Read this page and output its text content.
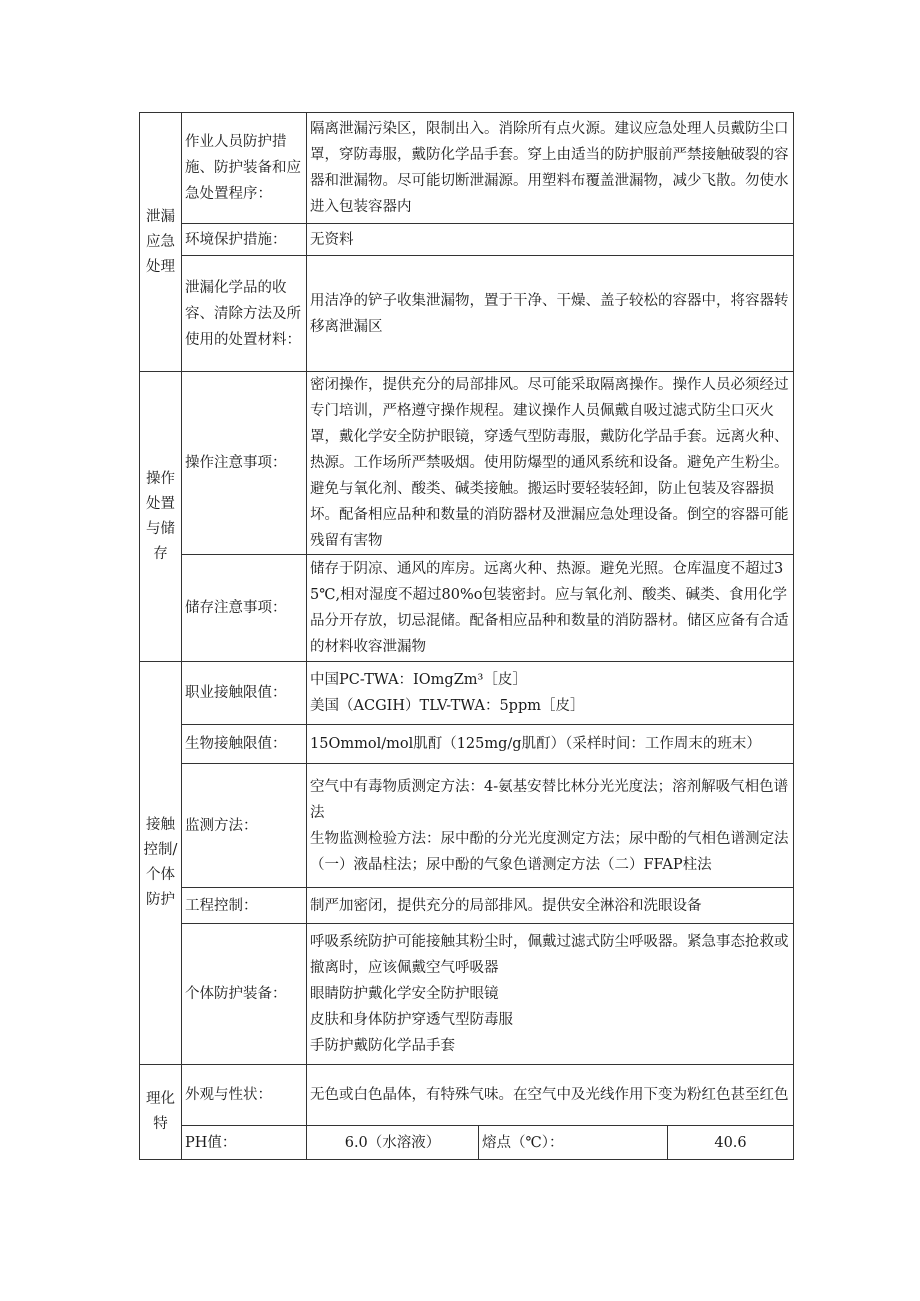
泄漏应急处理	作业人员防护措施、防护装备和应急处置程序：	隔离泄漏污染区，限制出入。消除所有点火源。建议应急处理人员戴防尘口罩，穿防毒服，戴防化学品手套。穿上由适当的防护服前严禁接触破裂的容器和泄漏物。尽可能切断泄漏源。用塑料布覆盖泄漏物，减少飞散。勿使水进入包装容器内		
	环境保护措施：	无资料		
	泄漏化学品的收容、清除方法及所使用的处置材料：	用洁净的铲子收集泄漏物，置于干净、干燥、盖子较松的容器中，将容器转移离泄漏区		
操作处置与储存	操作注意事项：	密闭操作，提供充分的局部排风。尽可能采取隔离操作。操作人员必须经过专门培训，严格遵守操作规程。建议操作人员佩戴自吸过滤式防尘口灭火罩，戴化学安全防护眼镜，穿透气型防毒服，戴防化学品手套。远离火种、热源。工作场所严禁吸烟。使用防爆型的通风系统和设备。避免产生粉尘。避免与氧化剂、酸类、碱类接触。搬运时要轻装轻卸，防止包装及容器损坏。配备相应品种和数量的消防器材及泄漏应急处理设备。倒空的容器可能残留有害物		
	储存注意事项：	储存于阴凉、通风的库房。远离火种、热源。避免光照。仓库温度不超过35℃,相对湿度不超过80%o包装密封。应与氧化剂、酸类、碱类、食用化学品分开存放，切忌混储。配备相应品种和数量的消防器材。储区应备有合适的材料收容泄漏物		
接触控制/个体防护	职业接触限值：	中国PC-TWA：IOmgZm³［皮］
美国（ACGIH）TLV-TWA：5ppm［皮］		

	生物接触限值：	15Ommol∕mol肌酊（125mg∕g肌酊）（采样时间：工作周末的班末）		
	监测方法：	空气中有毒物质测定方法：4-氨基安替比林分光光度法；溶剂解吸气相色谱法
生物监测检验方法：尿中酚的分光光度测定方法；尿中酚的气相色谱测定法（一）液晶柱法；尿中酚的气象色谱测定方法（二）FFAP柱法		

	工程控制：	制严加密闭，提供充分的局部排风。提供安全淋浴和洗眼设备		
	个体防护装备：	呼吸系统防护可能接触其粉尘时，佩戴过滤式防尘呼吸器。紧急事态抢救或撤离时，应该佩戴空气呼吸器
眼睛防护戴化学安全防护眼镜
皮肤和身体防护穿透气型防毒服
手防护戴防化学品手套		

理化特	外观与性状：	无色或白色晶体，有特殊气味。在空气中及光线作用下变为粉红色甚至红色		
	PH值：	6.0（水溶液）	熔点（℃）：	40.6
